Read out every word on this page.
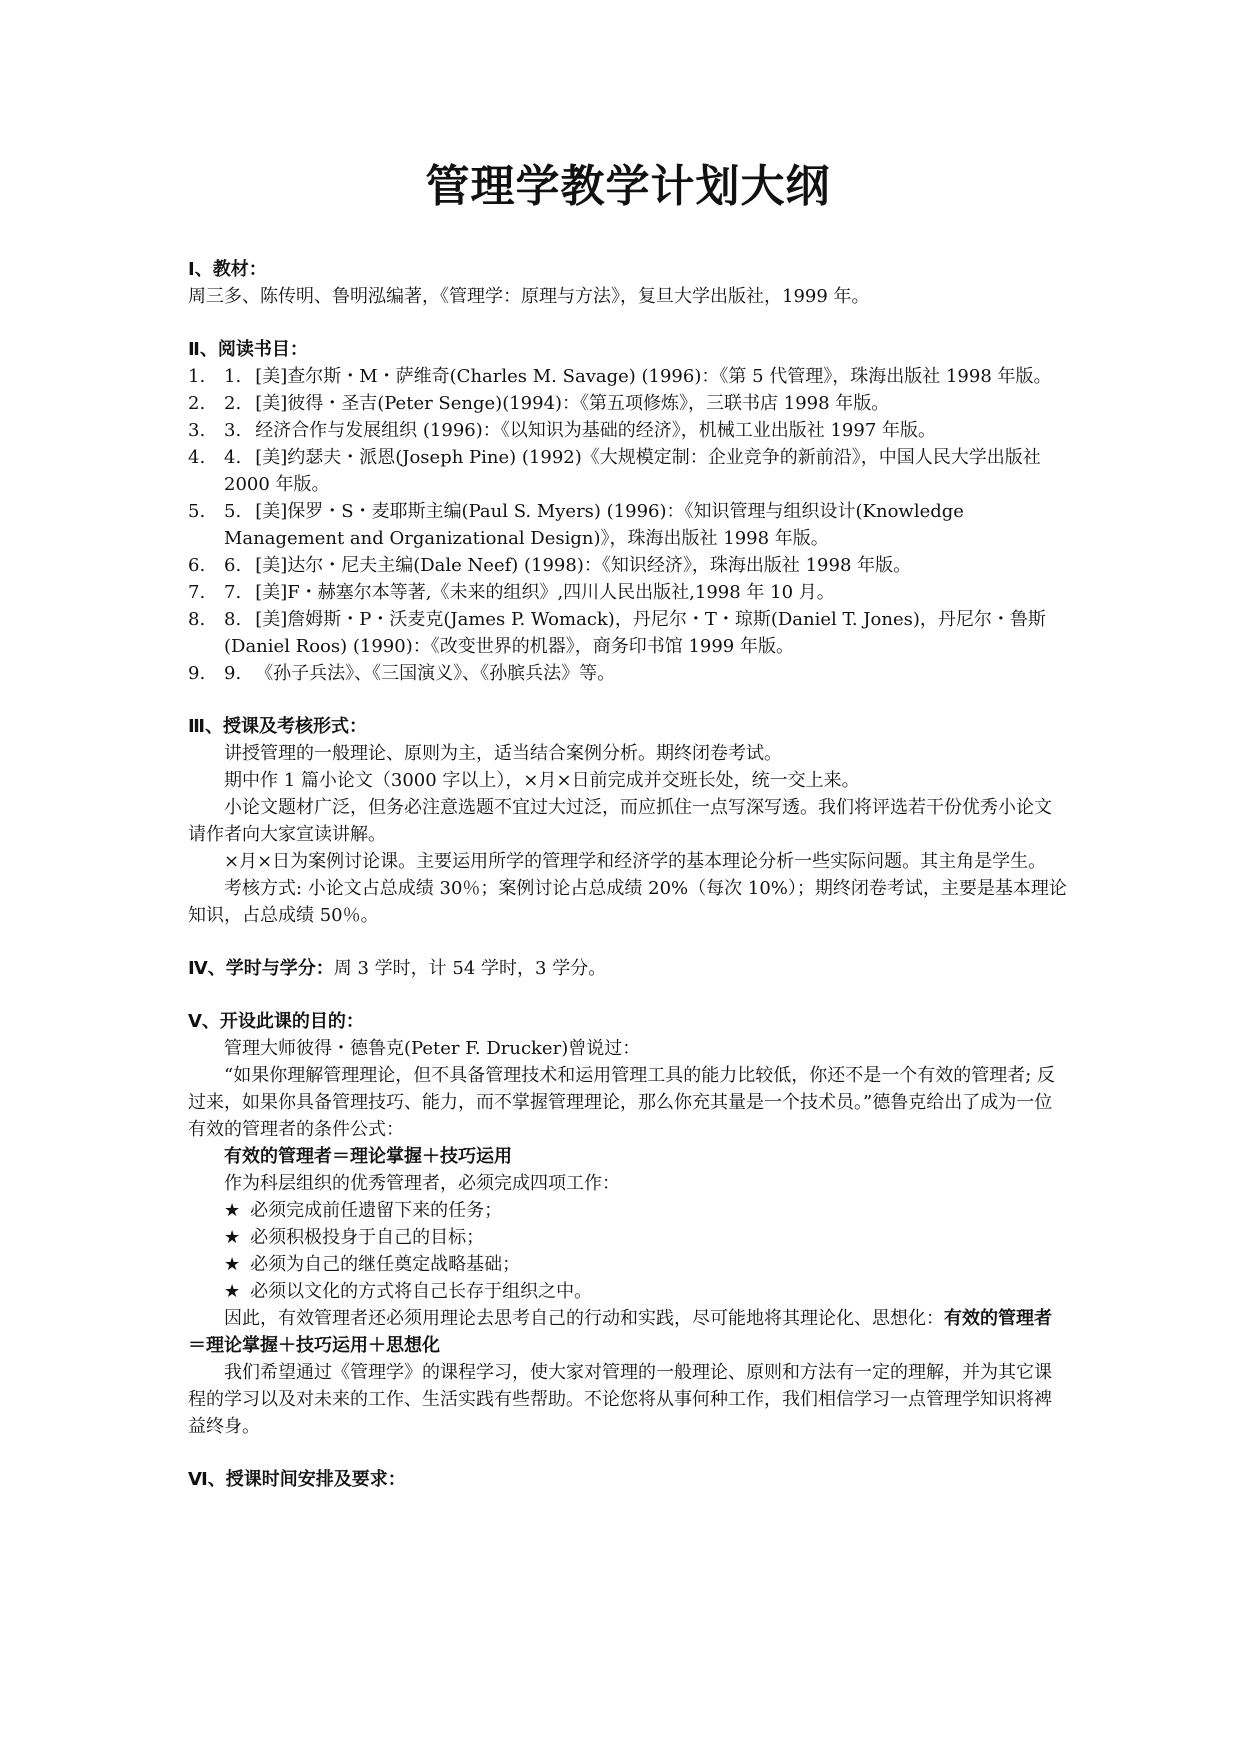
管理学教学计划大纲

Ⅰ、教材：

周三多、陈传明、鲁明泓编著，《管理学：原理与方法》，复旦大学出版社，1999 年。

Ⅱ、阅读书目：

1. 1. [美]查尔斯・M・萨维奇(Charles M. Savage) (1996)：《第 5 代管理》，珠海出版社 1998 年版。
2. 2. [美]彼得・圣吉(Peter Senge)(1994)：《第五项修炼》，三联书店 1998 年版。
3. 3. 经济合作与发展组织 (1996)：《以知识为基础的经济》，机械工业出版社 1997 年版。
4. 4. [美]约瑟夫・派恩(Joseph Pine) (1992)《大规模定制：企业竞争的新前沿》，中国人民大学出版社 2000 年版。
5. 5. [美]保罗・S・麦耶斯主编(Paul S. Myers) (1996)：《知识管理与组织设计(Knowledge Management and Organizational Design)》，珠海出版社 1998 年版。
6. 6. [美]达尔・尼夫主编(Dale Neef) (1998)：《知识经济》，珠海出版社 1998 年版。
7. 7. [美]F・赫塞尔本等著,《未来的组织》,四川人民出版社,1998 年 10 月。
8. 8. [美]詹姆斯・P・沃麦克(James P. Womack)，丹尼尔・T・琼斯(Daniel T. Jones)，丹尼尔・鲁斯(Daniel Roos) (1990)：《改变世界的机器》，商务印书馆 1999 年版。
9. 9. 《孙子兵法》、《三国演义》、《孙膑兵法》等。

Ⅲ、授课及考核形式：

讲授管理的一般理论、原则为主，适当结合案例分析。期终闭卷考试。

期中作 1 篇小论文（3000 字以上），×月×日前完成并交班长处，统一交上来。

小论文题材广泛，但务必注意选题不宜过大过泛，而应抓住一点写深写透。我们将评选若干份优秀小论文请作者向大家宣读讲解。

×月×日为案例讨论课。主要运用所学的管理学和经济学的基本理论分析一些实际问题。其主角是学生。

考核方式: 小论文占总成绩 30％；案例讨论占总成绩 20%（每次 10%）；期终闭卷考试，主要是基本理论知识，占总成绩 50％。

Ⅳ、学时与学分：周 3 学时，计 54 学时，3 学分。

Ⅴ、开设此课的目的：

管理大师彼得・德鲁克(Peter F. Drucker)曾说过：

“如果你理解管理理论，但不具备管理技术和运用管理工具的能力比较低，你还不是一个有效的管理者; 反过来，如果你具备管理技巧、能力，而不掌握管理理论，那么你充其量是一个技术员。”德鲁克给出了成为一位有效的管理者的条件公式：

有效的管理者＝理论掌握＋技巧运用

作为科层组织的优秀管理者，必须完成四项工作：

★ 必须完成前任遗留下来的任务；

★ 必须积极投身于自己的目标；

★ 必须为自己的继任奠定战略基础；

★ 必须以文化的方式将自己长存于组织之中。

因此，有效管理者还必须用理论去思考自己的行动和实践，尽可能地将其理论化、思想化：有效的管理者＝理论掌握＋技巧运用＋思想化

我们希望通过《管理学》的课程学习，使大家对管理的一般理论、原则和方法有一定的理解，并为其它课程的学习以及对未来的工作、生活实践有些帮助。不论您将从事何种工作，我们相信学习一点管理学知识将裨益终身。

Ⅵ、授课时间安排及要求：
